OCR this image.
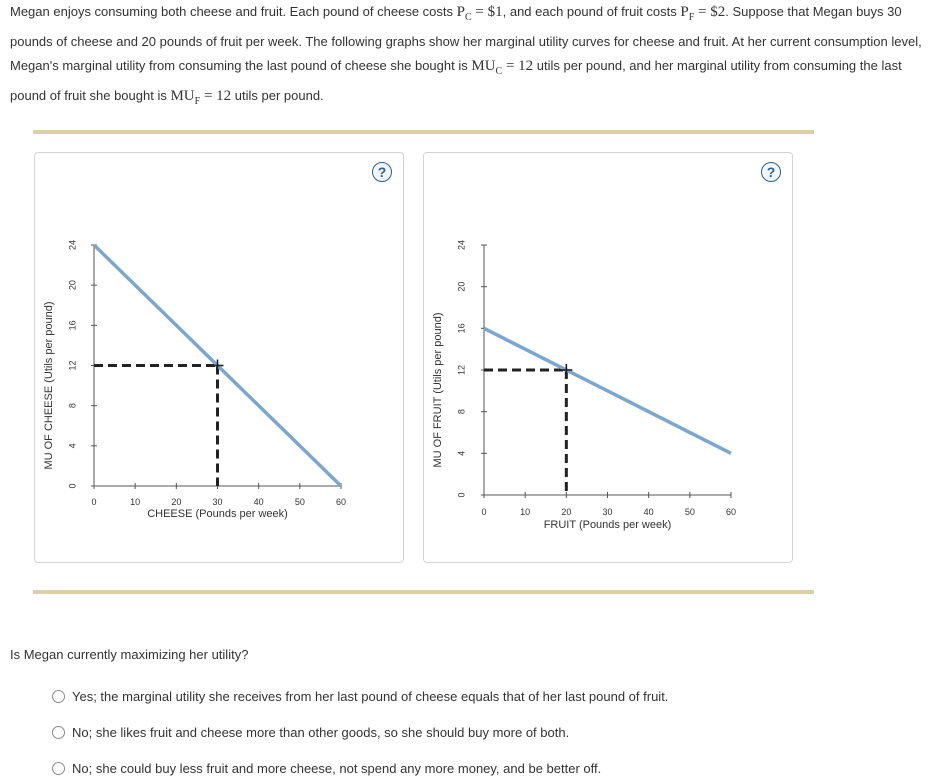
Megan enjoys consuming both cheese and fruit. Each pound of cheese costs $P_C$ = $1, and each pound of fruit costs $P_F$ = $2. Suppose that Megan buys 30 pounds of cheese and 20 pounds of fruit per week. The following graphs show her marginal utility curves for cheese and fruit. At her current consumption level, Megan's marginal utility from consuming the last pound of cheese she bought is $MU_C = 12$ utils per pound, and her marginal utility from consuming the last pound of fruit she bought is $MU_F = 12$ utils per pound.
?
0	10	20	30	40	50	60
0
4
8
12
16
20
24
CHEESE (Pounds per week)
MU OF CHEESE (Utils per pound)
?
0	10	20	30	40	50	60
0
4
8
12
16
20
24
FRUIT (Pounds per week)
MU OF FRUIT (Utils per pound)
Is Megan currently maximizing her utility?
Yes; the marginal utility she receives from her last pound of cheese equals that of her last pound of fruit.
No; she likes fruit and cheese more than other goods, so she should buy more of both.
No; she could buy less fruit and more cheese, not spend any more money, and be better off.
